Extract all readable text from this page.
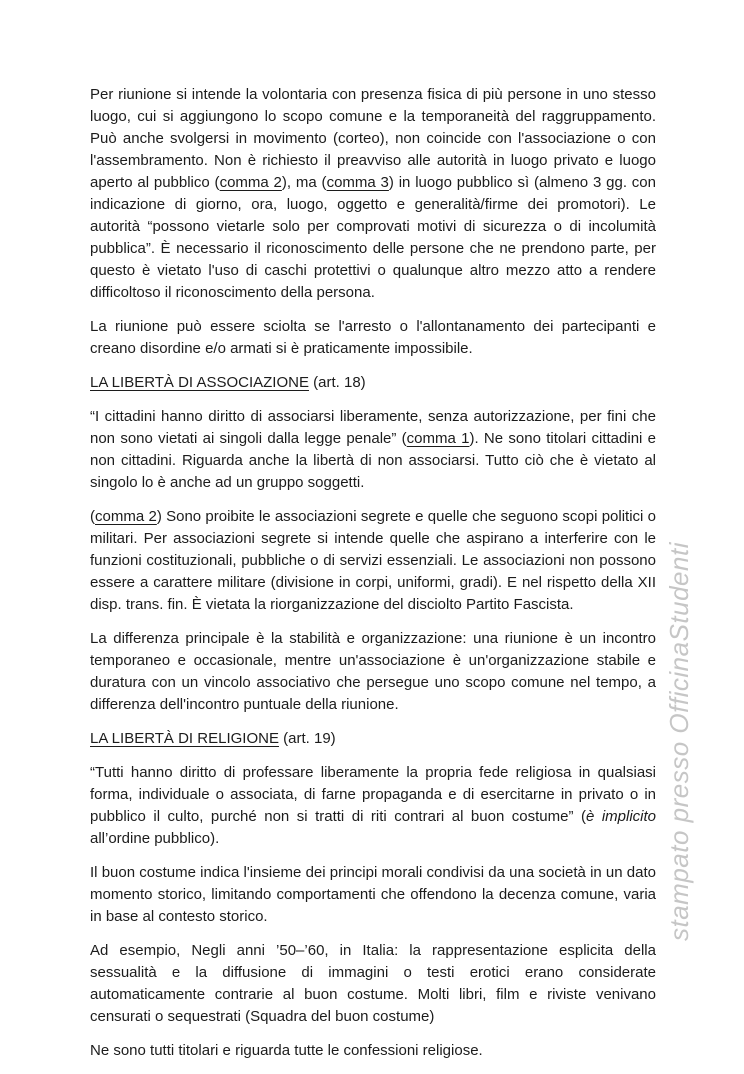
Per riunione si intende la volontaria con presenza fisica di più persone in uno stesso luogo, cui si aggiungono lo scopo comune e la temporaneità del raggruppamento. Può anche svolgersi in movimento (corteo), non coincide con l'associazione o con l'assembramento. Non è richiesto il preavviso alle autorità in luogo privato e luogo aperto al pubblico (comma 2), ma (comma 3) in luogo pubblico sì (almeno 3 gg. con indicazione di giorno, ora, luogo, oggetto e generalità/firme dei promotori). Le autorità “possono vietarle solo per comprovati motivi di sicurezza o di incolumità pubblica”. È necessario il riconoscimento delle persone che ne prendono parte, per questo è vietato l'uso di caschi protettivi o qualunque altro mezzo atto a rendere difficoltoso il riconoscimento della persona.

La riunione può essere sciolta se l'arresto o l'allontanamento dei partecipanti e creano disordine e/o armati si è praticamente impossibile.

LA LIBERTÀ DI ASSOCIAZIONE (art. 18)

“I cittadini hanno diritto di associarsi liberamente, senza autorizzazione, per fini che non sono vietati ai singoli dalla legge penale” (comma 1). Ne sono titolari cittadini e non cittadini. Riguarda anche la libertà di non associarsi. Tutto ciò che è vietato al singolo lo è anche ad un gruppo soggetti.

(comma 2) Sono proibite le associazioni segrete e quelle che seguono scopi politici o militari. Per associazioni segrete si intende quelle che aspirano a interferire con le funzioni costituzionali, pubbliche o di servizi essenziali. Le associazioni non possono essere a carattere militare (divisione in corpi, uniformi, gradi). E nel rispetto della XII disp. trans. fin. È vietata la riorganizzazione del disciolto Partito Fascista.

La differenza principale è la stabilità e organizzazione: una riunione è un incontro temporaneo e occasionale, mentre un'associazione è un'organizzazione stabile e duratura con un vincolo associativo che persegue uno scopo comune nel tempo, a differenza dell'incontro puntuale della riunione.

LA LIBERTÀ DI RELIGIONE (art. 19)

“Tutti hanno diritto di professare liberamente la propria fede religiosa in qualsiasi forma, individuale o associata, di farne propaganda e di esercitarne in privato o in pubblico il culto, purché non si tratti di riti contrari al buon costume” (è implicito all’ordine pubblico).

Il buon costume indica l'insieme dei principi morali condivisi da una società in un dato momento storico, limitando comportamenti che offendono la decenza comune, varia in base al contesto storico.

Ad esempio, Negli anni ’50–’60, in Italia: la rappresentazione esplicita della sessualità e la diffusione di immagini o testi erotici erano considerate automaticamente contrarie al buon costume. Molti libri, film e riviste venivano censurati o sequestrati (Squadra del buon costume)

Ne sono tutti titolari e riguarda tutte le confessioni religiose.

stampato presso OfficinaStudenti
